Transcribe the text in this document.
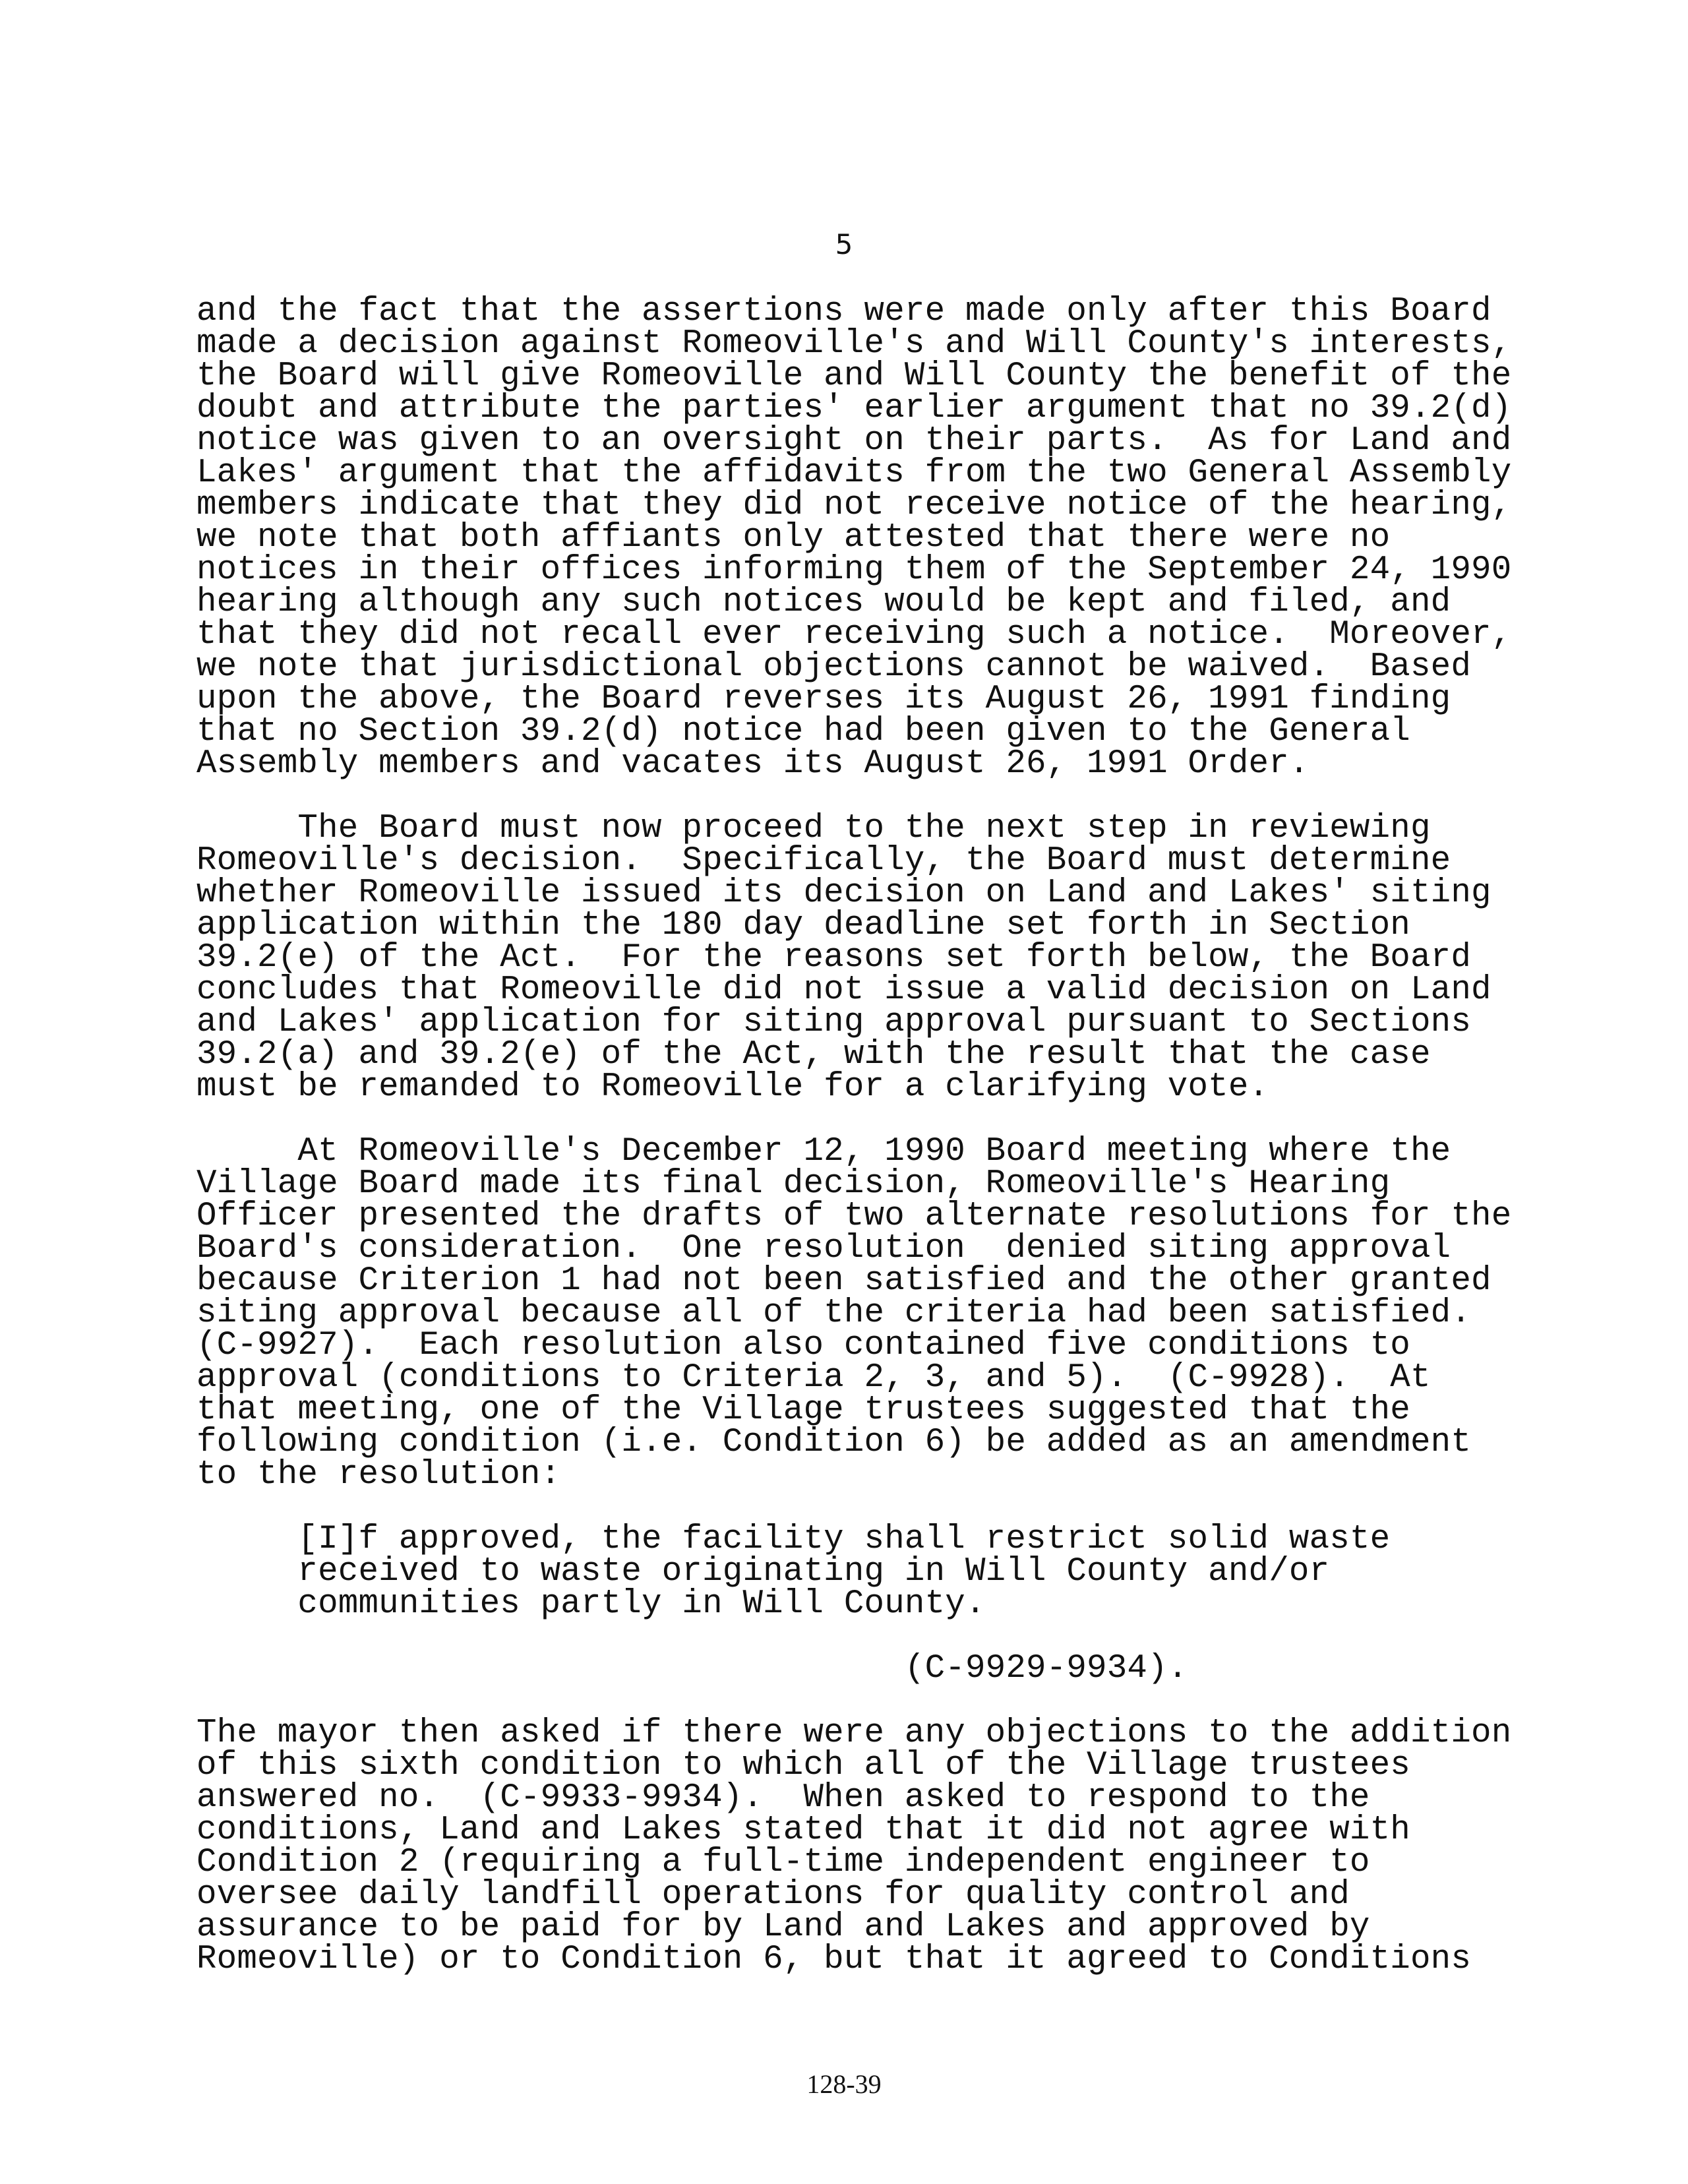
5
and the fact that the assertions were made only after this Board
made a decision against Romeoville's and Will County's interests,
the Board will give Romeoville and Will County the benefit of the
doubt and attribute the parties' earlier argument that no 39.2(d)
notice was given to an oversight on their parts.  As for Land and
Lakes' argument that the affidavits from the two General Assembly
members indicate that they did not receive notice of the hearing,
we note that both affiants only attested that there were no
notices in their offices informing them of the September 24, 1990
hearing although any such notices would be kept and filed, and
that they did not recall ever receiving such a notice.  Moreover,
we note that jurisdictional objections cannot be waived.  Based
upon the above, the Board reverses its August 26, 1991 finding
that no Section 39.2(d) notice had been given to the General
Assembly members and vacates its August 26, 1991 Order.
The Board must now proceed to the next step in reviewing
Romeoville's decision.  Specifically, the Board must determine
whether Romeoville issued its decision on Land and Lakes' siting
application within the 180 day deadline set forth in Section
39.2(e) of the Act.  For the reasons set forth below, the Board
concludes that Romeoville did not issue a valid decision on Land
and Lakes' application for siting approval pursuant to Sections
39.2(a) and 39.2(e) of the Act, with the result that the case
must be remanded to Romeoville for a clarifying vote.
At Romeoville's December 12, 1990 Board meeting where the
Village Board made its final decision, Romeoville's Hearing
Officer presented the drafts of two alternate resolutions for the
Board's consideration.  One resolution  denied siting approval
because Criterion 1 had not been satisfied and the other granted
siting approval because all of the criteria had been satisfied.
(C-9927).  Each resolution also contained five conditions to
approval (conditions to Criteria 2, 3, and 5).  (C-9928).  At
that meeting, one of the Village trustees suggested that the
following condition (i.e. Condition 6) be added as an amendment
to the resolution:
[I]f approved, the facility shall restrict solid waste
received to waste originating in Will County and/or
communities partly in Will County.
(C-9929-9934).
The mayor then asked if there were any objections to the addition
of this sixth condition to which all of the Village trustees
answered no.  (C-9933-9934).  When asked to respond to the
conditions, Land and Lakes stated that it did not agree with
Condition 2 (requiring a full-time independent engineer to
oversee daily landfill operations for quality control and
assurance to be paid for by Land and Lakes and approved by
Romeoville) or to Condition 6, but that it agreed to Conditions
128-39
